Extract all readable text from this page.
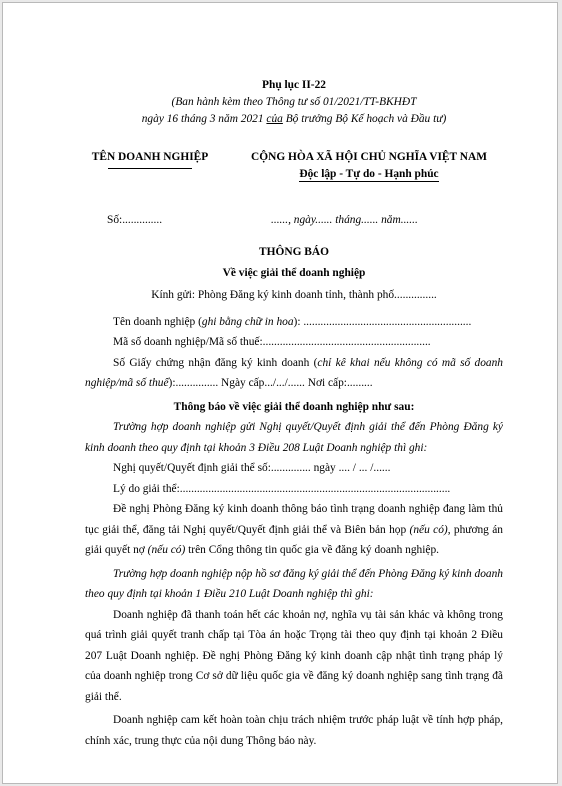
Phụ lục II-22

(Ban hành kèm theo Thông tư số 01/2021/TT-BKHĐT

ngày 16 tháng 3 năm 2021 của Bộ trưởng Bộ Kế hoạch và Đầu tư)

TÊN DOANH NGHIỆP	CỘNG HÒA XÃ HỘI CHỦ NGHĨA VIỆT NAM
Độc lập - Tự do - Hạnh phúc
Số:..............	......, ngày...... tháng...... năm......

THÔNG BÁO

Về việc giải thể doanh nghiệp

Kính gửi: Phòng Đăng ký kinh doanh tỉnh, thành phố...............

Tên doanh nghiệp (ghi bằng chữ in hoa): ...........................................................

Mã số doanh nghiệp/Mã số thuế:...........................................................

Số Giấy chứng nhận đăng ký kinh doanh (chỉ kê khai nếu không có mã số doanh nghiệp/mã số thuế):............... Ngày cấp.../.../...... Nơi cấp:.........

Thông báo về việc giải thể doanh nghiệp như sau:

Trường hợp doanh nghiệp gửi Nghị quyết/Quyết định giải thể đến Phòng Đăng ký kinh doanh theo quy định tại khoản 3 Điều 208 Luật Doanh nghiệp thì ghi:

Nghị quyết/Quyết định giải thể số:.............. ngày .... / ... /......

Lý do giải thể:...............................................................................................

Đề nghị Phòng Đăng ký kinh doanh thông báo tình trạng doanh nghiệp đang làm thủ tục giải thể, đăng tải Nghị quyết/Quyết định giải thể và Biên bản họp (nếu có), phương án giải quyết nợ (nếu có) trên Cổng thông tin quốc gia về đăng ký doanh nghiệp.

Trường hợp doanh nghiệp nộp hồ sơ đăng ký giải thể đến Phòng Đăng ký kinh doanh theo quy định tại khoản 1 Điều 210 Luật Doanh nghiệp thì ghi:

Doanh nghiệp đã thanh toán hết các khoản nợ, nghĩa vụ tài sản khác và không trong quá trình giải quyết tranh chấp tại Tòa án hoặc Trọng tài theo quy định tại khoản 2 Điều 207 Luật Doanh nghiệp. Đề nghị Phòng Đăng ký kinh doanh cập nhật tình trạng pháp lý của doanh nghiệp trong Cơ sở dữ liệu quốc gia về đăng ký doanh nghiệp sang tình trạng đã giải thể.

Doanh nghiệp cam kết hoàn toàn chịu trách nhiệm trước pháp luật về tính hợp pháp, chính xác, trung thực của nội dung Thông báo này.
